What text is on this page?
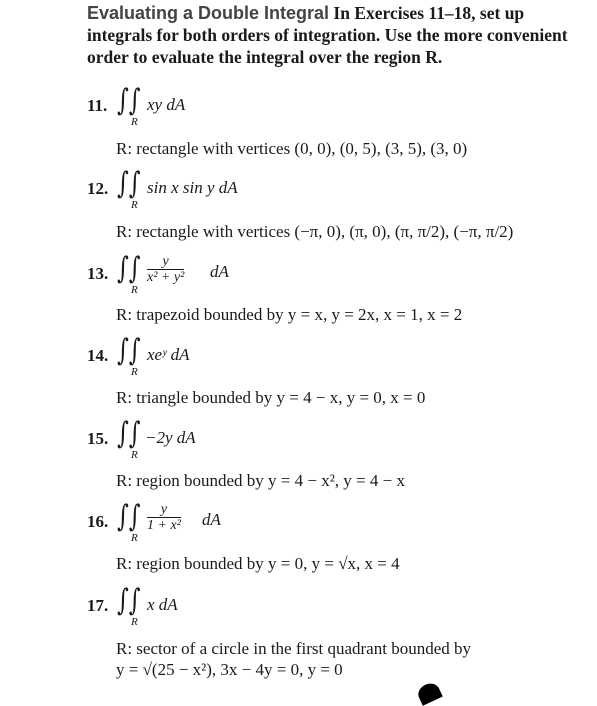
Evaluating a Double Integral In Exercises 11–18, set up integrals for both orders of integration. Use the more convenient order to evaluate the integral over the region R.
11. ∫∫
R
xy dA
R: rectangle with vertices (0, 0), (0, 5), (3, 5), (3, 0)
12. ∫∫
R
sin x sin y dA
R: rectangle with vertices (−π, 0), (π, 0), (π, π/2), (−π, π/2)
13. ∫∫
R
$\frac{y}{\text{x² + y²}}$ dA
R: trapezoid bounded by y = x, y = 2x, x = 1, x = 2
14. ∫∫
R
xeʸ dA
R: triangle bounded by y = 4 − x, y = 0, x = 0
15. ∫∫
R
−2y dA
R: region bounded by y = 4 − x², y = 4 − x
16. ∫∫
R
$\frac{y}{\text{1 + x²}}$ dA
R: region bounded by y = 0, y = √x, x = 4
17. ∫∫
R
x dA
R: sector of a circle in the first quadrant bounded by
y = √(25 − x²), 3x − 4y = 0, y = 0
